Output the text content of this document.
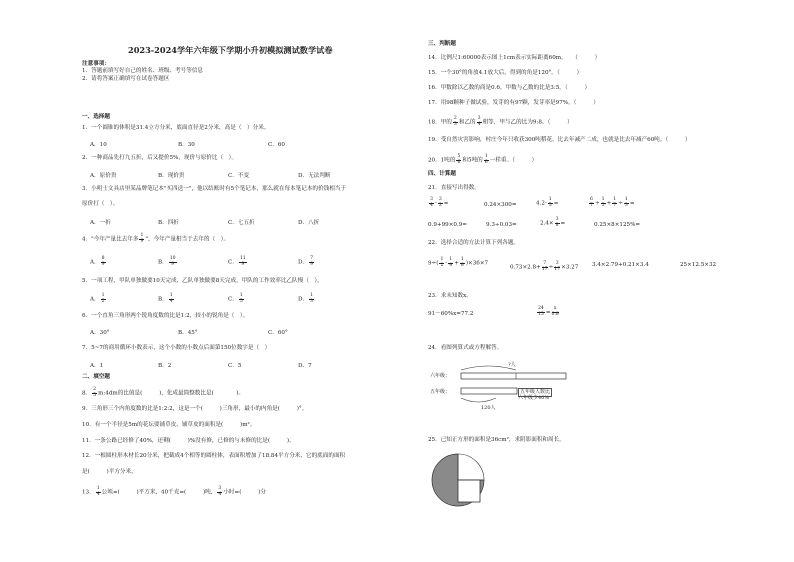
2023-2024学年六年级下学期小升初模拟测试数学试卷
注意事项：
1．答题前填写好自己的姓名、班级、考号等信息
2．请将答案正确填写在试卷答题区
一、选择题
1．一个圆锥的体积是31.4立方分米，底面直径是2分米，高是（　）分米。
A．10	B．30	C．60
2．一种商品先打九五折，后又提价5%，现价与原价比（　）。
A．原价贵	B．现价贵	C．不变	D．无法判断
3．小明士文具店里某品牌笔记本"买四送一"，他以结账时有5个笔记本，那么就在每本笔记本的价钱相当于
原价打（　）。
A．一折	B．四折	C．七五折	D．八折
4．"今年产量比去年多 $\frac{1}{9}$ "，今年产量相当于去年的（　）。
A． $\frac{8}{9}$	B． $\frac{10}{9}$	C． $\frac{11}{9}$	D． $\frac{7}{9}$
5．一项工程，甲队单独做要10天完成，乙队单独做要8天完成，甲队的工作效率比乙队慢（　）。
A． $\frac{1}{2}$	B． $\frac{1}{4}$	C． $\frac{1}{5}$	D． $\frac{1}{3}$
6．一个直角三角形两个锐角度数的比是1:2，较小的锐角是（　）。
A．30°	B．45°	C．60°
7．5~7的商用循环小数表示，这个小数的小数点后面第150位数字是（　）
A．1	B．2	C．5	D．7
二、填空题
8． $\frac{2}{5}$ m:4dm的比值是(　　　)，化成最简整数比是(　　　　)。
9．三角形三个内角度数的比是1:2:2，这是一个(　　　)三角形，最小的内角是(　　　)°。
10．有一个半径是5m的花坛要铺草皮，铺草皮的面积是(　　　)m²。
11．一条公路已经修了40%，还剩(　　　)%没有修，已修的与未修的比是(　　　)。
12．一根圆柱形木材长20分米，把截成4个相等的圆柱体，表面积增加了18.84平方分米，它的底面的面积
是(　　　)平方分米。
13． $\frac{1}{4}$ 公顷=(　　　)平方米，40千克=(　　　)吨， $\frac{3}{4}$ 小时=(　　　)分
三、判断题
14．比例尺1:60000表示图上1cm表示实际距离60m。　　（　　　）
15．一个30°的角放4.1放大后，得到的角是120°。（　　　）
16．甲数除以乙数的商是0.6，甲数与乙数的比是3:5。（　　　）
17．用98颗种子做试验，发芽的有97颗，发芽率是97%。（　　　）
18．甲的 $\frac{2}{3}$ 和乙的 $\frac{3}{4}$ 相等，甲与乙的比为9:8。（　　　）
19．受自然灾害影响，村庄今年只收获300吨稻花，比去年减产二成，也就是比去年减产60吨。（　　　）
20．1吨的 $\frac{5}{6}$ 和5吨的 $\frac{1}{6}$ 一样重。（　　　）
四、计算题
21．直接写出得数。
$\frac{3}{4} - \frac{3}{2}$ =	0.24×300=	$4.2- \frac{1}{5}$ =	$\frac{6}{7} \div \frac{1}{3} + \frac{1}{7} \div \frac{1}{3}$ =
0.9+99×0.9=	9.3÷0.03=	$2.4\times \frac{3}{8}$ =	0.25×8×125%=
22．选择合适的方法计算下列各题。
$9\div( \frac{1}{2} - \frac{1}{4} + \frac{1}{8} )\times 36\times 7$
$0.73\times 2.8+ \frac{7}{17} \div \frac{3}{17} \times 3.27$ 3.4×2.79+0.21×3.4	25×12.5×32
23．求未知数x。
91－60%x=77.2	$\frac{24}{15} = \frac{x}{0.8}$
24．看图列算式或方程解答。
六年级：
五年级：
?人
120人
五年级人数比
六年级少40%
25．已知正方形的面积是36cm²，求阴影面积和周长。
